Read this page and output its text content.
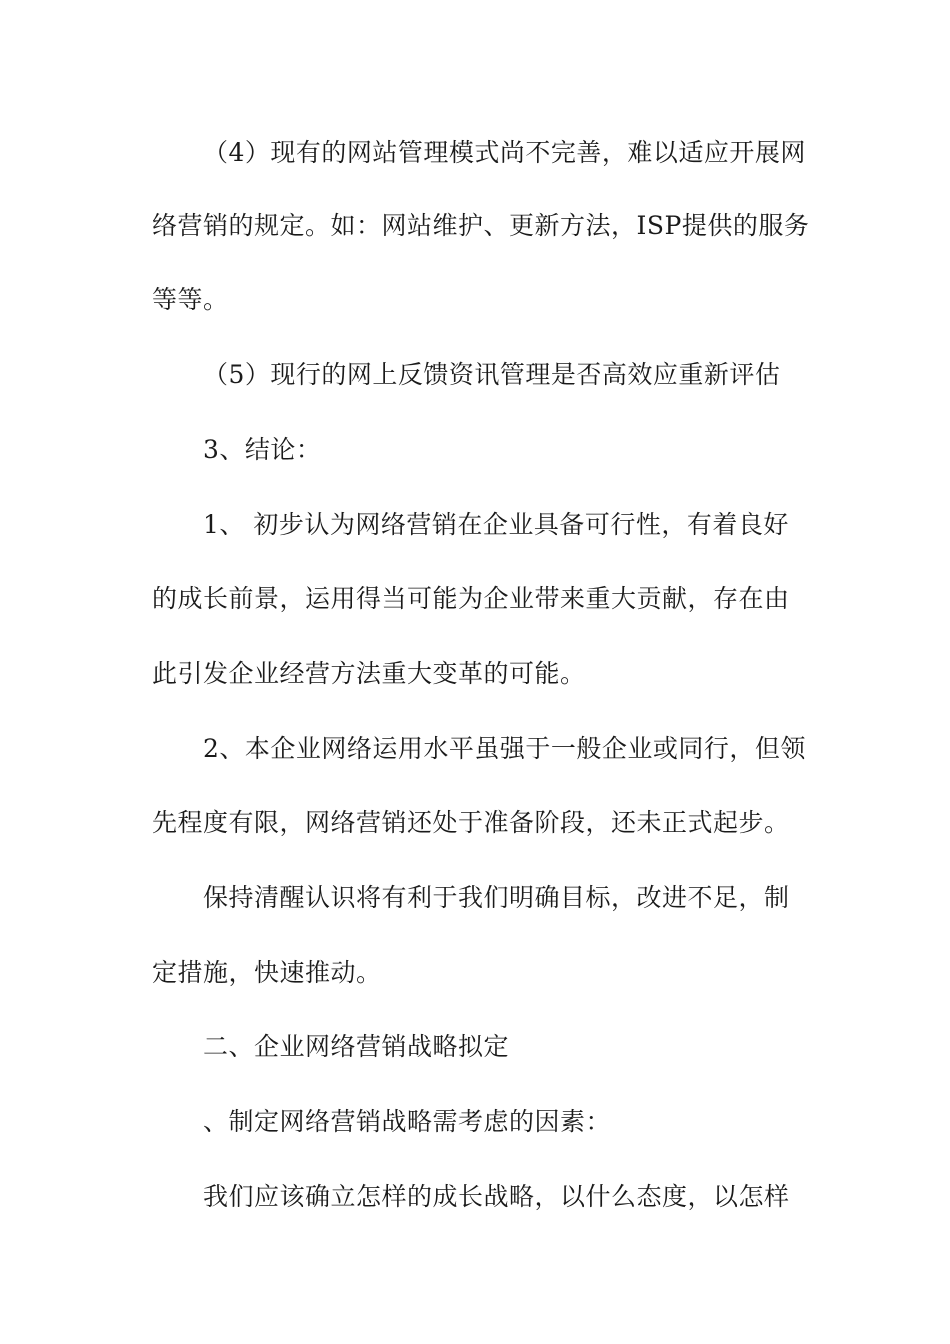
（4）现有的网站管理模式尚不完善，难以适应开展网
络营销的规定。如：网站维护、更新方法，ISP提供的服务
等等。
（5）现行的网上反馈资讯管理是否高效应重新评估
3、结论：
1、 初步认为网络营销在企业具备可行性，有着良好
的成长前景，运用得当可能为企业带来重大贡献，存在由
此引发企业经营方法重大变革的可能。
2、本企业网络运用水平虽强于一般企业或同行，但领
先程度有限，网络营销还处于准备阶段，还未正式起步。
保持清醒认识将有利于我们明确目标，改进不足，制
定措施，快速推动。
二、企业网络营销战略拟定
、制定网络营销战略需考虑的因素：
我们应该确立怎样的成长战略，以什么态度，以怎样
